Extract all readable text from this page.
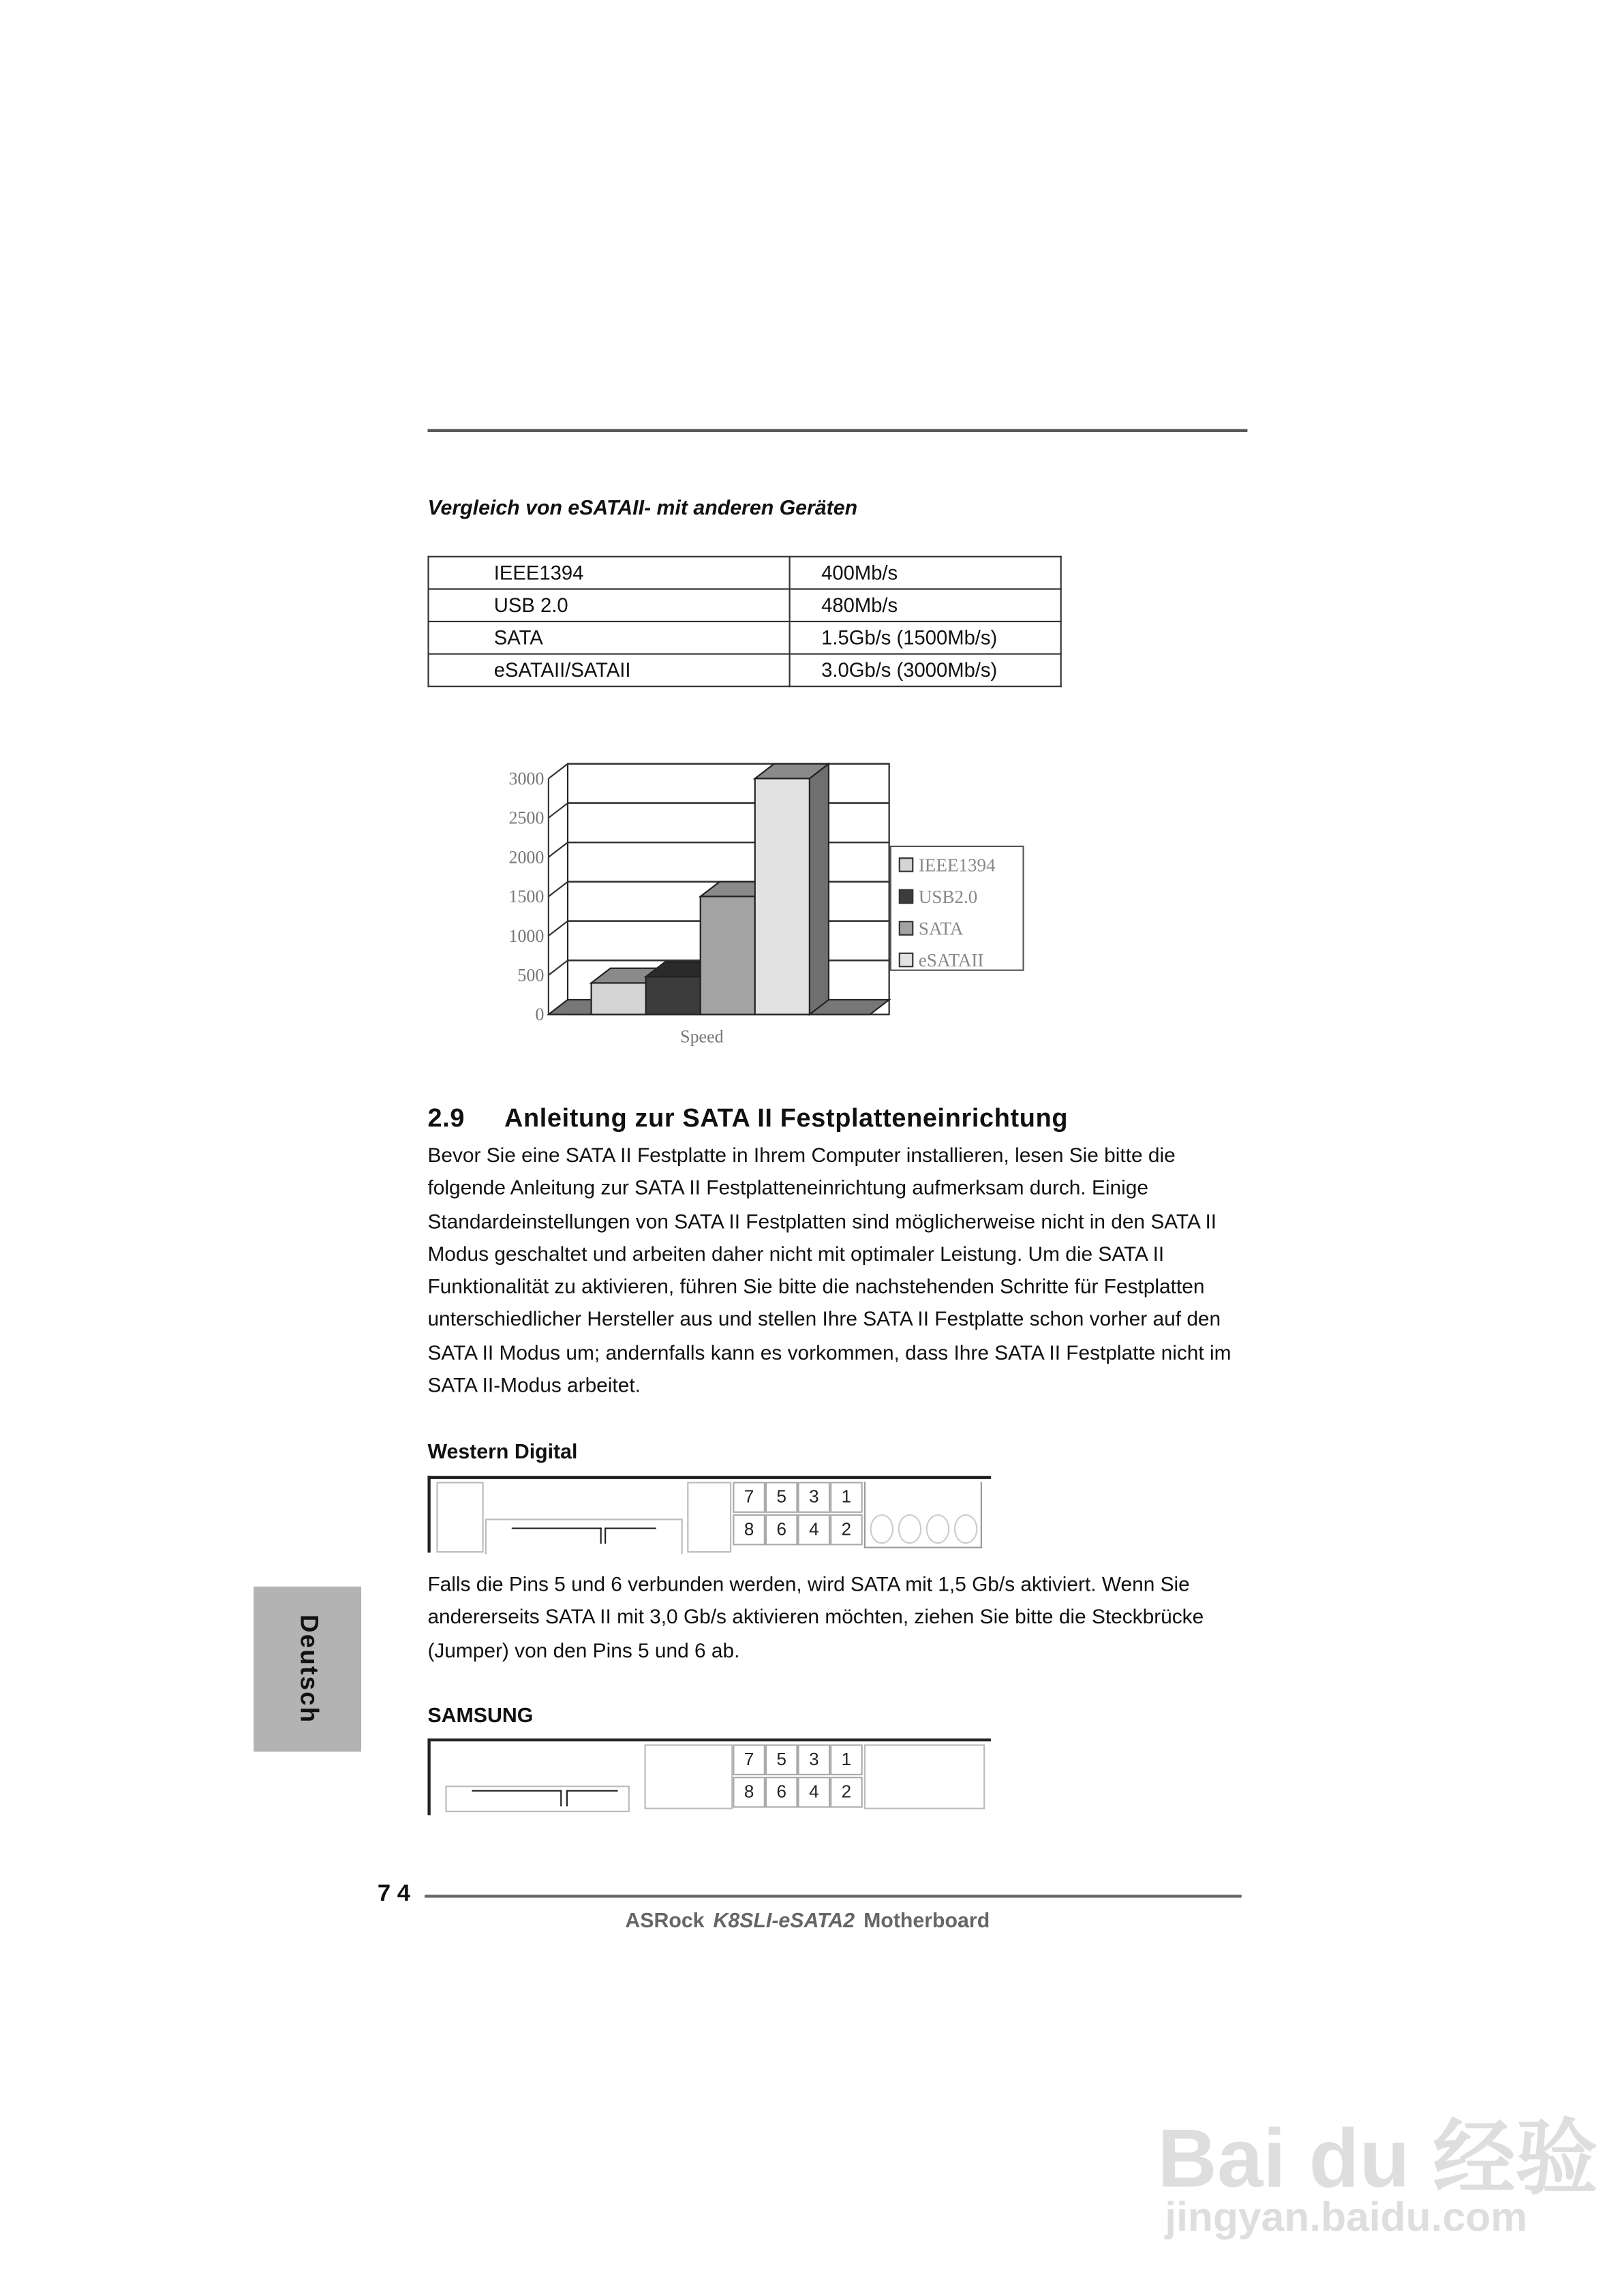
Vergleich von eSATAII- mit anderen Geräten
IEEE1394	400Mb/s
USB 2.0	480Mb/s
SATA	1.5Gb/s (1500Mb/s)
eSATAII/SATAII	3.0Gb/s (3000Mb/s)
0
500
1000
1500
2000
2500
3000
Speed
IEEE1394
USB2.0
SATA
eSATAII
2.9	Anleitung zur SATA II Festplatteneinrichtung
Bevor Sie eine SATA II Festplatte in Ihrem Computer installieren, lesen Sie bitte die folgende Anleitung zur SATA II Festplatteneinrichtung aufmerksam durch. Einige Standardeinstellungen von SATA II Festplatten sind möglicherweise nicht in den SATA II Modus geschaltet und arbeiten daher nicht mit optimaler Leistung. Um die SATA II Funktionalität zu aktivieren, führen Sie bitte die nachstehenden Schritte für Festplatten unterschiedlicher Hersteller aus und stellen Ihre SATA II Festplatte schon vorher auf den SATA II Modus um; andernfalls kann es vorkommen, dass Ihre SATA II Festplatte nicht im SATA II-Modus arbeitet.
Western Digital
7
8
5
6
3
4
1
2
Falls die Pins 5 und 6 verbunden werden, wird SATA mit 1,5 Gb/s aktiviert. Wenn Sie andererseits SATA II mit 3,0 Gb/s aktivieren möchten, ziehen Sie bitte die Steckbrücke (Jumper) von den Pins 5 und 6 ab.
SAMSUNG
7
8
5
6
3
4
1
2
Deutsch
7 4
ASRock K8SLI-eSATA2 Motherboard
Bai du 经验
jingyan.baidu.com
